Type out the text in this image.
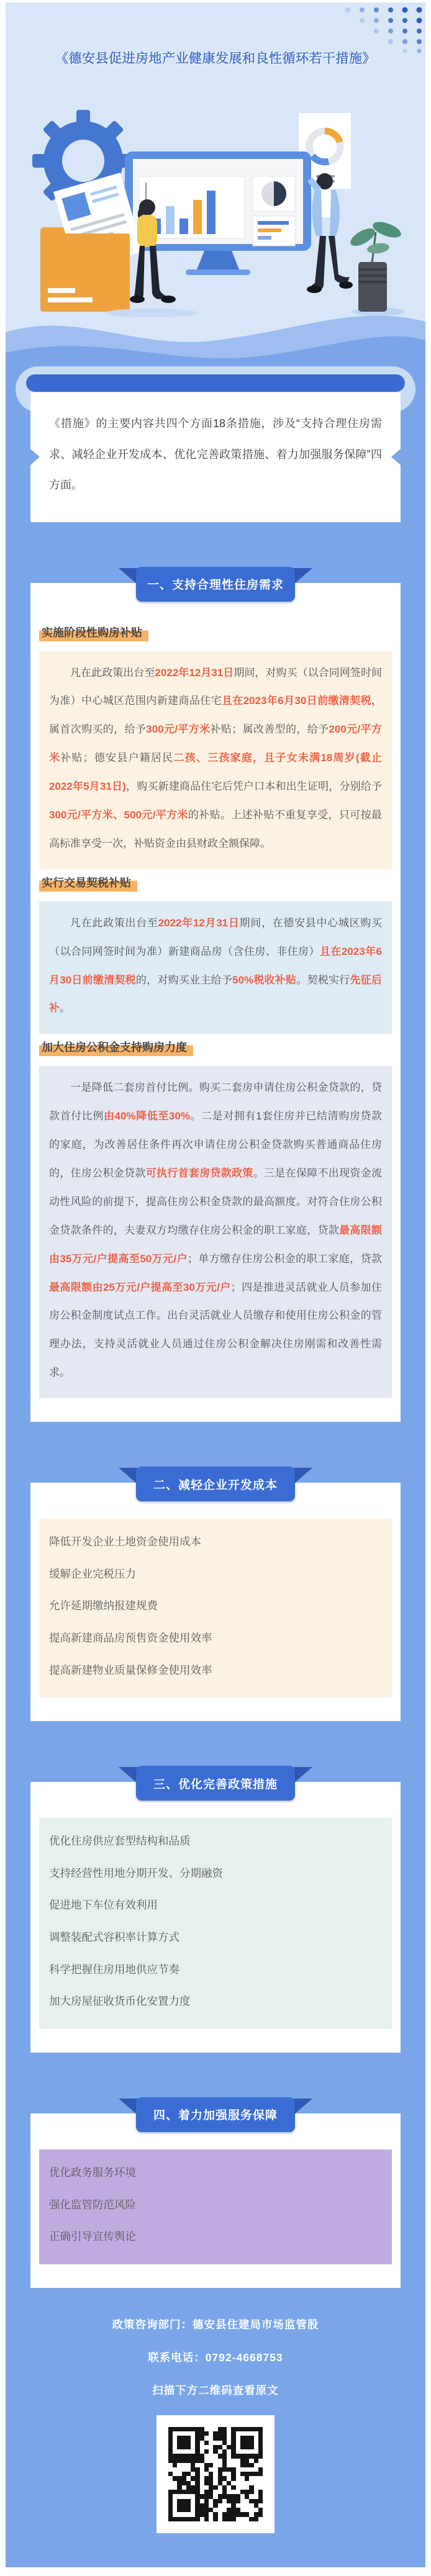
《德安县促进房地产业健康发展和良性循环若干措施》

《措施》的主要内容共四个方面18条措施，涉及“支持合理住房需求、减轻企业开发成本、优化完善政策措施、着力加强服务保障”四方面。

一、支持合理性住房需求
实施阶段性购房补贴

凡在此政策出台至2022年12月31日期间，对购买（以合同网签时间为准）中心城区范围内新建商品住宅且在2023年6月30日前缴清契税，属首次购买的，给予300元/平方米补贴；属改善型的，给予200元/平方米补贴；德安县户籍居民二孩、三孩家庭，且子女未满18周岁(截止2022年5月31日)，购买新建商品住宅后凭户口本和出生证明，分别给予300元/平方米、500元/平方米的补贴。上述补贴不重复享受，只可按最高标准享受一次，补贴资金由县财政全额保障。

实行交易契税补贴

凡在此政策出台至2022年12月31日期间，在德安县中心城区购买（以合同网签时间为准）新建商品房（含住房、非住房）且在2023年6月30日前缴清契税的，对购买业主给予50%税收补贴。契税实行先征后补。

加大住房公积金支持购房力度

一是降低二套房首付比例。购买二套房申请住房公积金贷款的，贷款首付比例由40%降低至30%。二是对拥有1套住房并已结清购房贷款的家庭，为改善居住条件再次申请住房公积金贷款购买普通商品住房的，住房公积金贷款可执行首套房贷款政策。三是在保障不出现资金流动性风险的前提下，提高住房公积金贷款的最高额度。对符合住房公积金贷款条件的，夫妻双方均缴存住房公积金的职工家庭，贷款最高限额由35万元/户提高至50万元/户；单方缴存住房公积金的职工家庭，贷款最高限额由25万元/户提高至30万元/户；四是推进灵活就业人员参加住房公积金制度试点工作。出台灵活就业人员缴存和使用住房公积金的管理办法，支持灵活就业人员通过住房公积金解决住房刚需和改善性需求。

二、减轻企业开发成本

降低开发企业土地资金使用成本

缓解企业完税压力

允许延期缴纳报建规费

提高新建商品房预售资金使用效率

提高新建物业质量保修金使用效率

三、优化完善政策措施

优化住房供应套型结构和品质

支持经营性用地分期开发、分期融资

促进地下车位有效利用

调整装配式容积率计算方式

科学把握住房用地供应节奏

加大房屋征收货币化安置力度

四、着力加强服务保障

优化政务服务环境

强化监管防范风险

正确引导宣传舆论

政策咨询部门：德安县住建局市场监管股

联系电话：0792-4668753

扫描下方二维码查看原文
